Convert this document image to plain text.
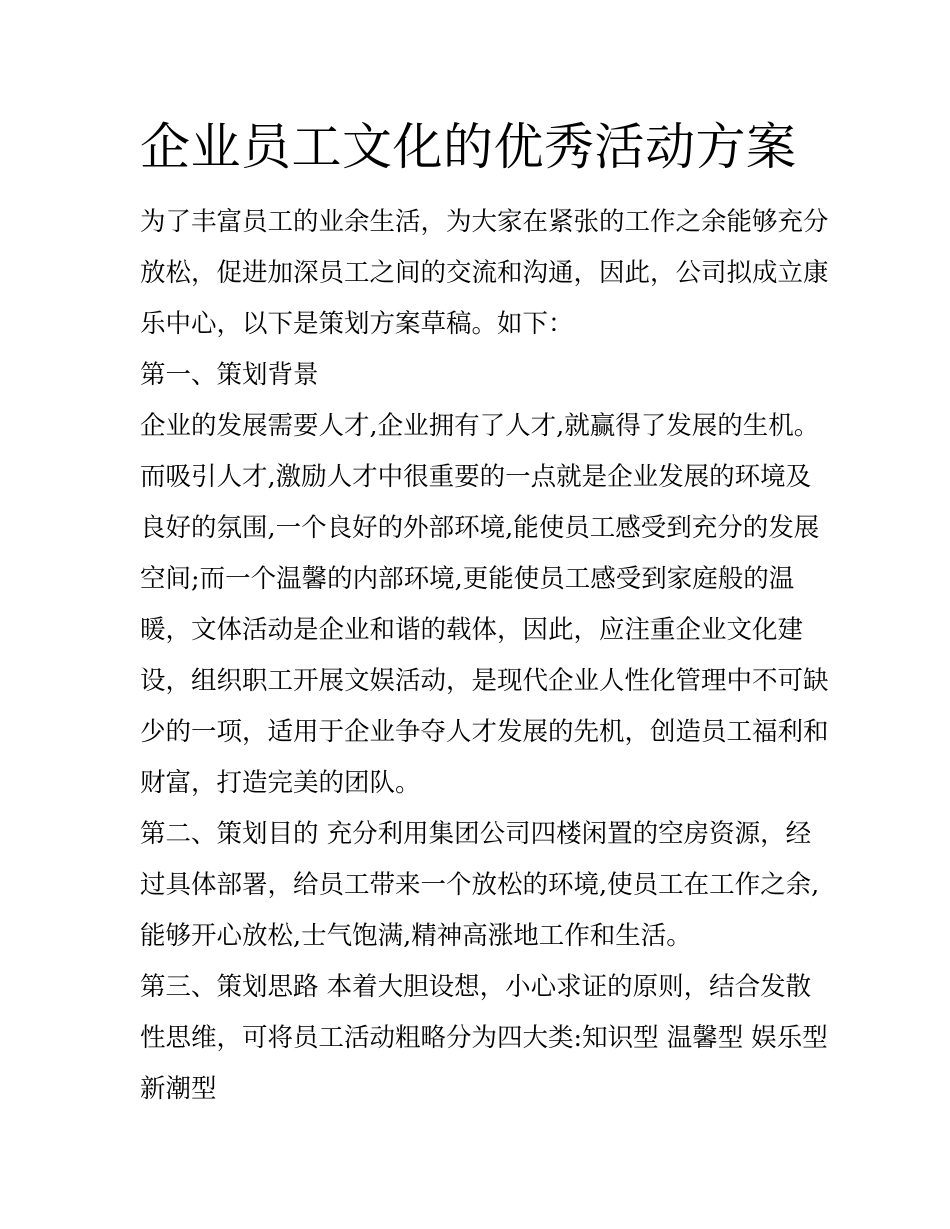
企业员工文化的优秀活动方案
为了丰富员工的业余生活，为大家在紧张的工作之余能够充分
放松，促进加深员工之间的交流和沟通，因此，公司拟成立康
乐中心，以下是策划方案草稿。如下：
第一、策划背景
企业的发展需要人才,企业拥有了人才,就赢得了发展的生机。
而吸引人才,激励人才中很重要的一点就是企业发展的环境及
良好的氛围,一个良好的外部环境,能使员工感受到充分的发展
空间;而一个温馨的内部环境,更能使员工感受到家庭般的温
暖，文体活动是企业和谐的载体，因此，应注重企业文化建
设，组织职工开展文娱活动，是现代企业人性化管理中不可缺
少的一项，适用于企业争夺人才发展的先机，创造员工福利和
财富，打造完美的团队。
第二、策划目的 充分利用集团公司四楼闲置的空房资源，经
过具体部署，给员工带来一个放松的环境,使员工在工作之余,
能够开心放松,士气饱满,精神高涨地工作和生活。
第三、策划思路 本着大胆设想，小心求证的原则，结合发散
性思维，可将员工活动粗略分为四大类:知识型 温馨型 娱乐型
新潮型
